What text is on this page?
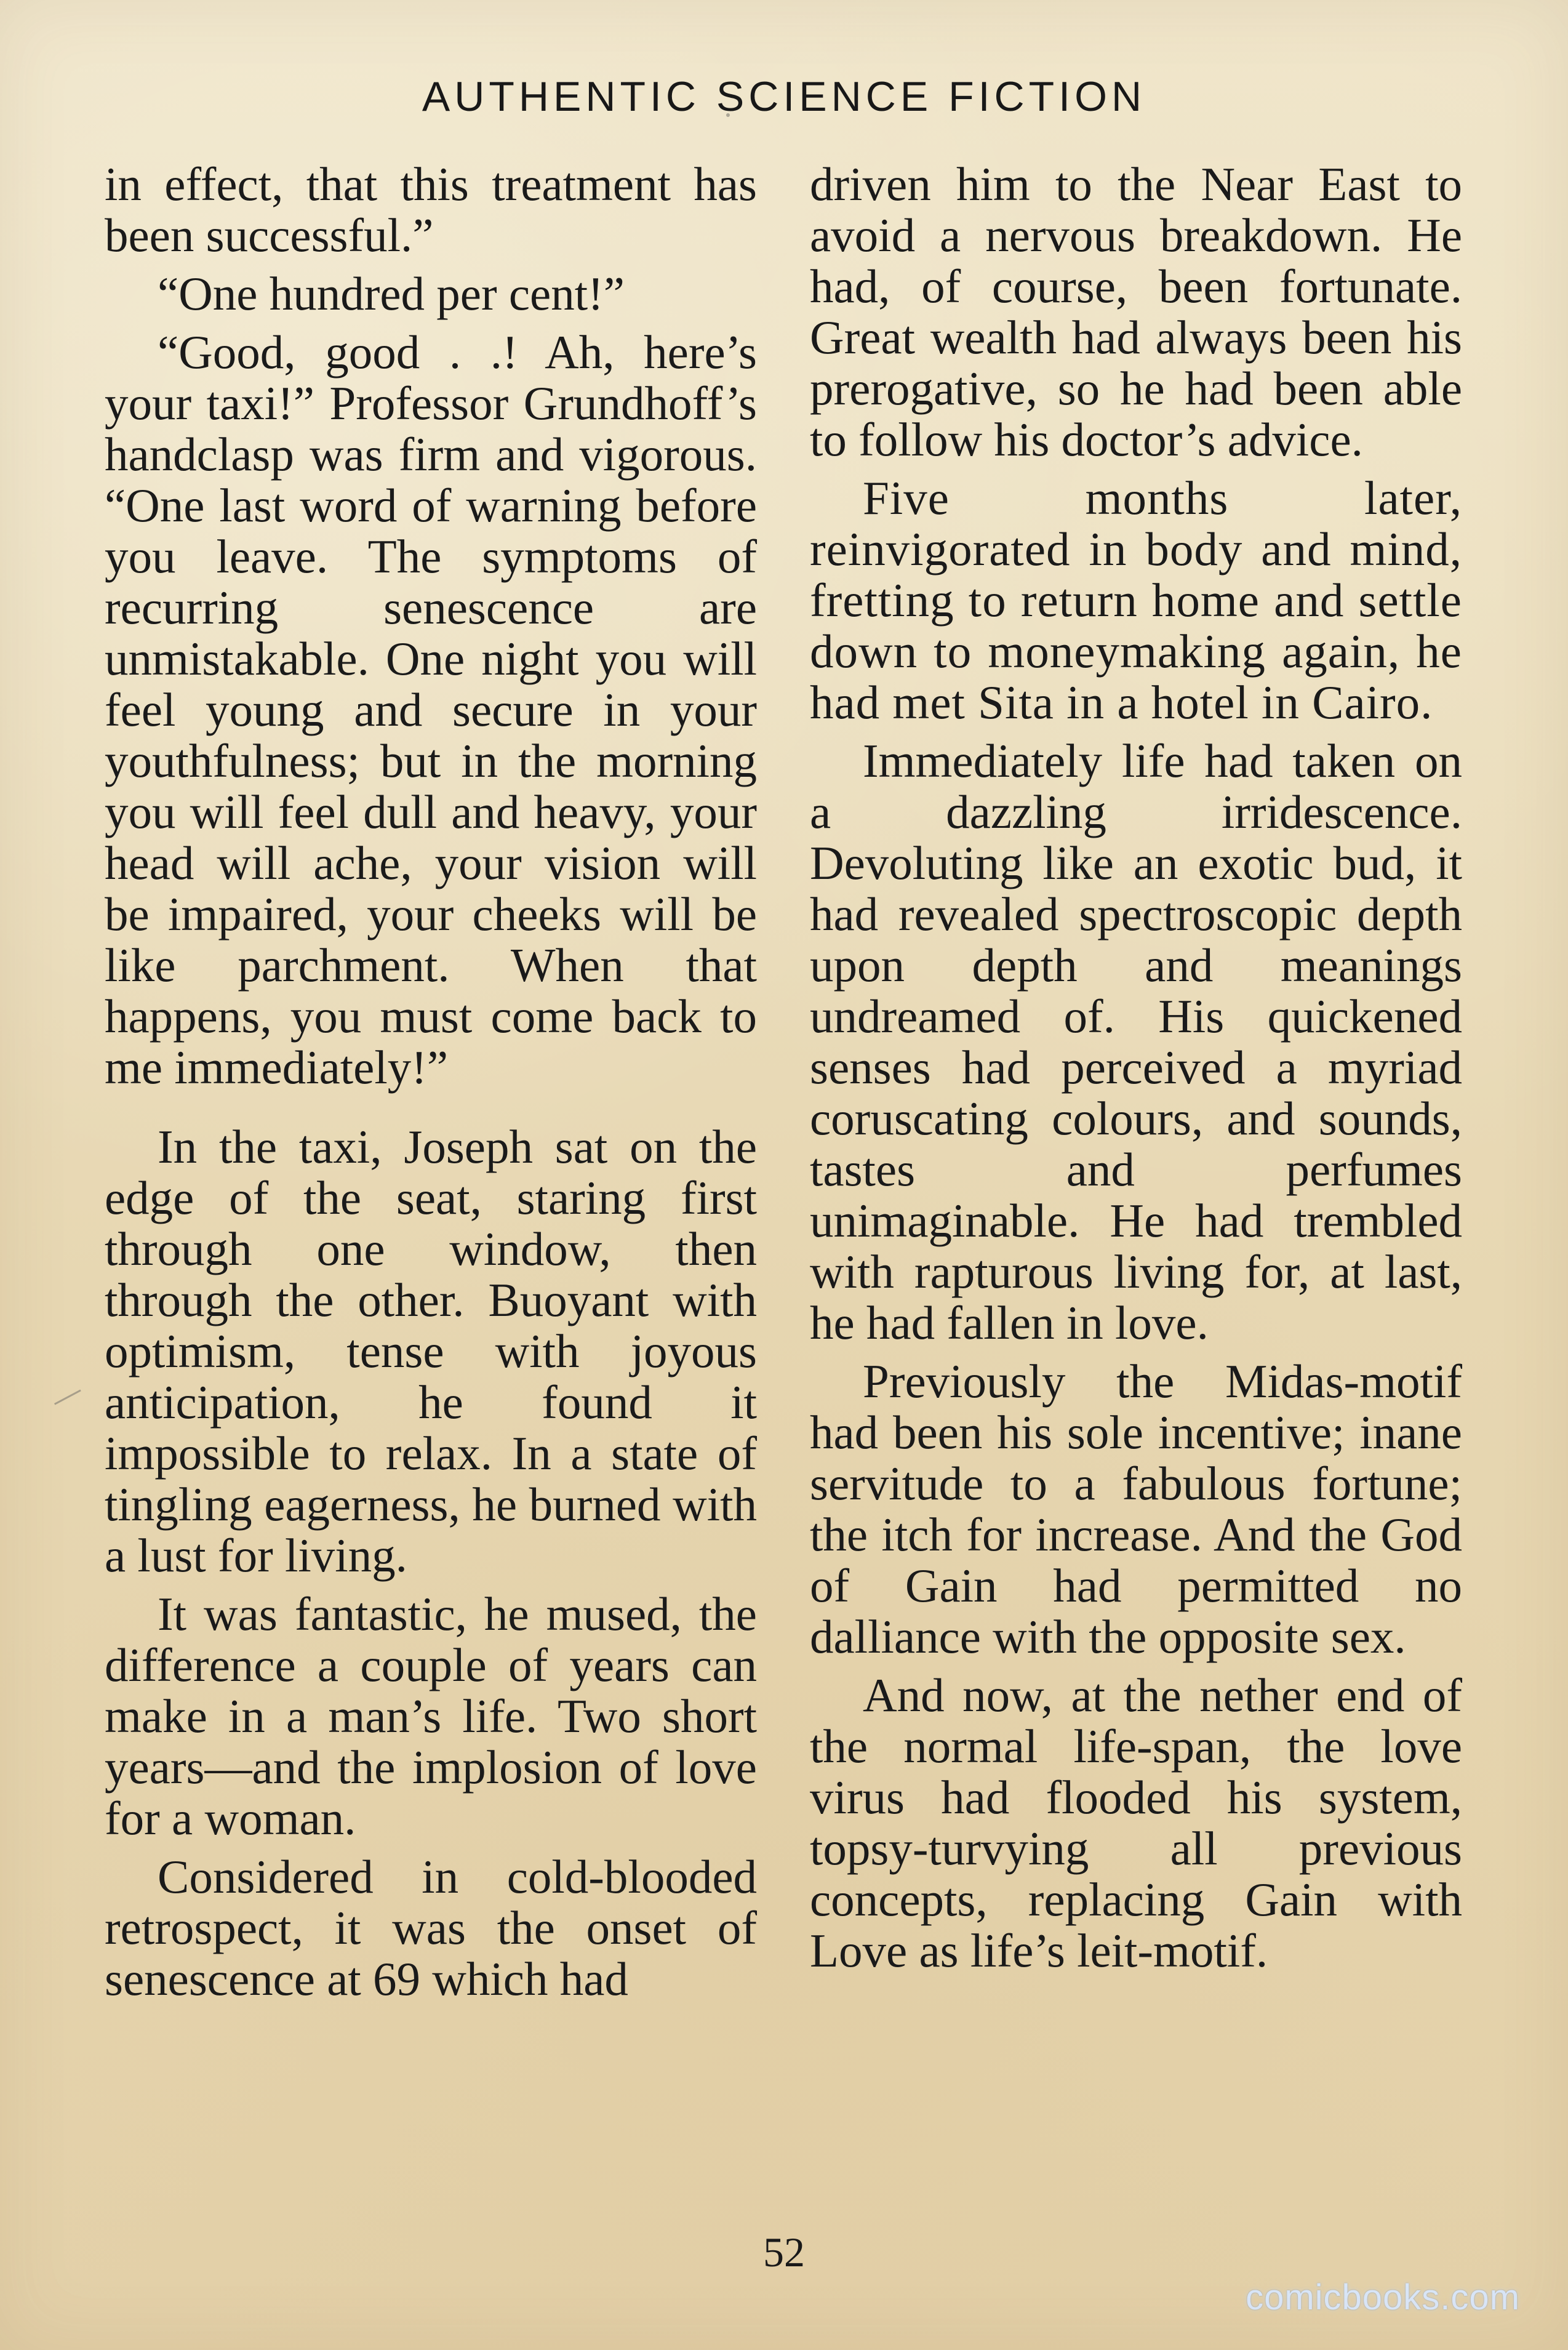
AUTHENTIC SCIENCE FICTION

in effect, that this treatment has been successful.”

“One hundred per cent!”

“Good, good . .! Ah, here’s your taxi!” Professor Grundhoff’s handclasp was firm and vigorous. “One last word of warning before you leave. The symptoms of recurring senescence are unmistakable. One night you will feel young and secure in your youthfulness; but in the morning you will feel dull and heavy, your head will ache, your vision will be impaired, your cheeks will be like parchment. When that happens, you must come back to me immediately!”

In the taxi, Joseph sat on the edge of the seat, staring first through one window, then through the other. Buoyant with optimism, tense with joyous anticipation, he found it impossible to relax. In a state of tingling eagerness, he burned with a lust for living.

It was fantastic, he mused, the difference a couple of years can make in a man’s life. Two short years—and the implosion of love for a woman.

Considered in cold-blooded retrospect, it was the onset of senescence at 69 which had

driven him to the Near East to avoid a nervous breakdown. He had, of course, been fortunate. Great wealth had always been his prerogative, so he had been able to follow his doctor’s advice.

Five months later, reinvigorated in body and mind, fretting to return home and settle down to moneymaking again, he had met Sita in a hotel in Cairo.

Immediately life had taken on a dazzling irridescence. Devoluting like an exotic bud, it had revealed spectroscopic depth upon depth and meanings undreamed of. His quickened senses had perceived a myriad coruscating colours, and sounds, tastes and perfumes unimaginable. He had trembled with rapturous living for, at last, he had fallen in love.

Previously the Midas-motif had been his sole incentive; inane servitude to a fabulous fortune; the itch for increase. And the God of Gain had permitted no dalliance with the opposite sex.

And now, at the nether end of the normal life-span, the love virus had flooded his system, topsy-turvying all previous concepts, replacing Gain with Love as life’s leit-motif.

52
comicbooks.com
